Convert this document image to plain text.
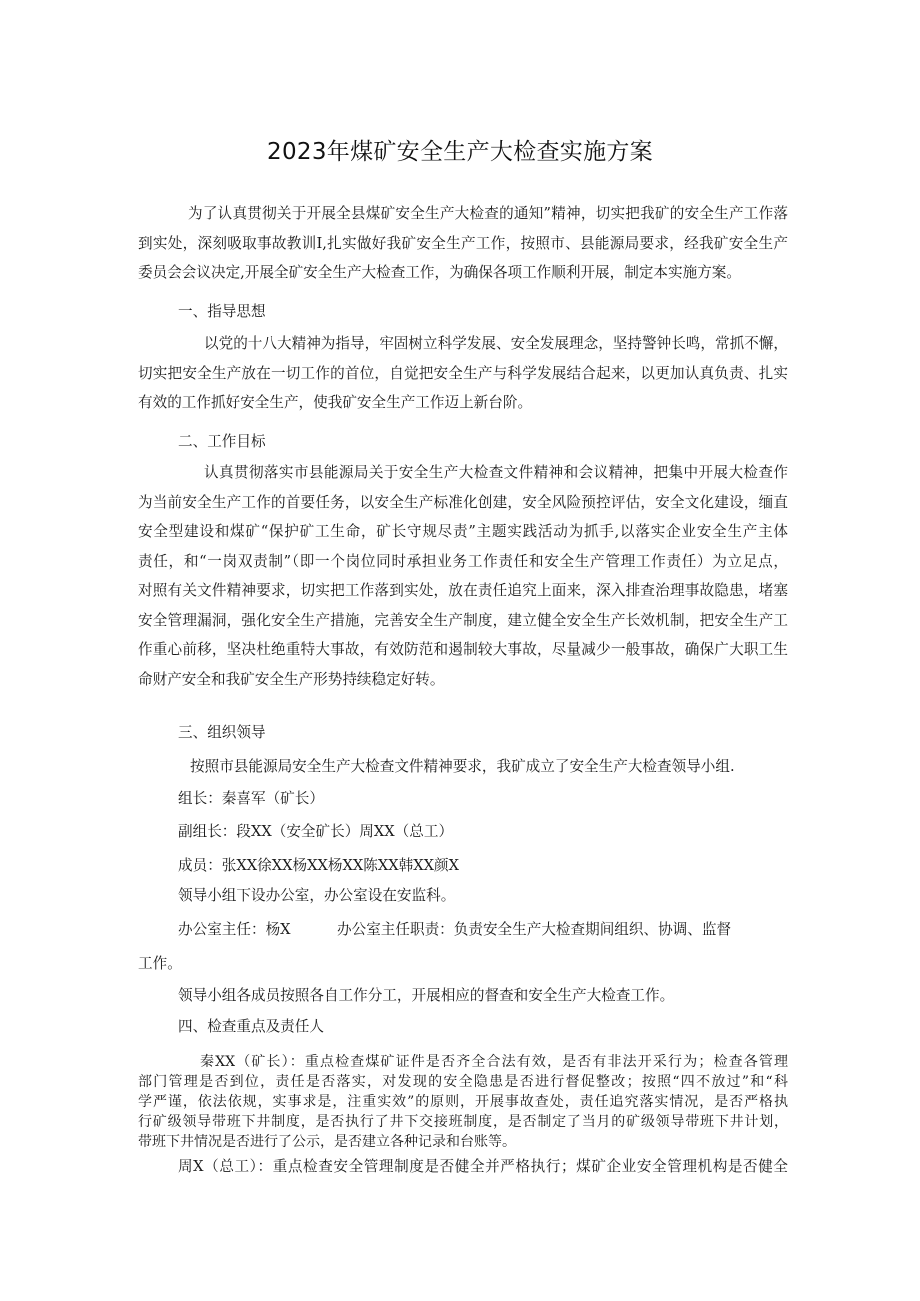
2023年煤矿安全生产大检查实施方案
为了认真贯彻关于开展全县煤矿安全生产大检查的通知”精神，切实把我矿的安全生产工作落
到实处，深刻吸取事故教训I,扎实做好我矿安全生产工作，按照市、县能源局要求，经我矿安全生产
委员会会议决定,开展全矿安全生产大检查工作，为确保各项工作顺利开展，制定本实施方案。
一、指导思想
以党的十八大精神为指导，牢固树立科学发展、安全发展理念，坚持警钟长鸣，常抓不懈，
切实把安全生产放在一切工作的首位，自觉把安全生产与科学发展结合起来，以更加认真负责、扎实
有效的工作抓好安全生产，使我矿安全生产工作迈上新台阶。
二、工作目标
认真贯彻落实市县能源局关于安全生产大检查文件精神和会议精神，把集中开展大检查作
为当前安全生产工作的首要任务，以安全生产标准化创建，安全风险预控评估，安全文化建设，缅直
安全型建设和煤矿“保护矿工生命，矿长守规尽责”主题实践活动为抓手,以落实企业安全生产主体
责任，和“一岗双责制”（即一个岗位同时承担业务工作责任和安全生产管理工作责任）为立足点，
对照有关文件精神要求，切实把工作落到实处，放在责任追究上面来，深入排查治理事故隐患，堵塞
安全管理漏洞，强化安全生产措施，完善安全生产制度，建立健全安全生产长效机制，把安全生产工
作重心前移，坚决杜绝重特大事故，有效防范和遏制较大事故，尽量减少一般事故，确保广大职工生
命财产安全和我矿安全生产形势持续稳定好转。
三、组织领导
按照市县能源局安全生产大检查文件精神要求，我矿成立了安全生产大检查领导小组.
组长：秦喜军（矿长）
副组长：段XX（安全矿长）周XX（总工）
成员：张XX徐XX杨XX杨XX陈XX韩XX颜X
领导小组下设办公室，办公室设在安监科。
办公室主任：杨X	办公室主任职责：负责安全生产大检查期间组织、协调、监督
工作。
领导小组各成员按照各自工作分工，开展相应的督查和安全生产大检查工作。
四、检查重点及责任人
秦XX（矿长）：重点检查煤矿证件是否齐全合法有效，是否有非法开采行为；检查各管理
部门管理是否到位，责任是否落实，对发现的安全隐患是否进行督促整改；按照“四不放过”和“科
学严谨，依法依规，实事求是，注重实效”的原则，开展事故查处，责任追究落实情况，是否严格执
行矿级领导带班下井制度，是否执行了井下交接班制度，是否制定了当月的矿级领导带班下井计划，
带班下井情况是否进行了公示，是否建立各种记录和台账等。
周X（总工）：重点检查安全管理制度是否健全并严格执行；煤矿企业安全管理机构是否健全
